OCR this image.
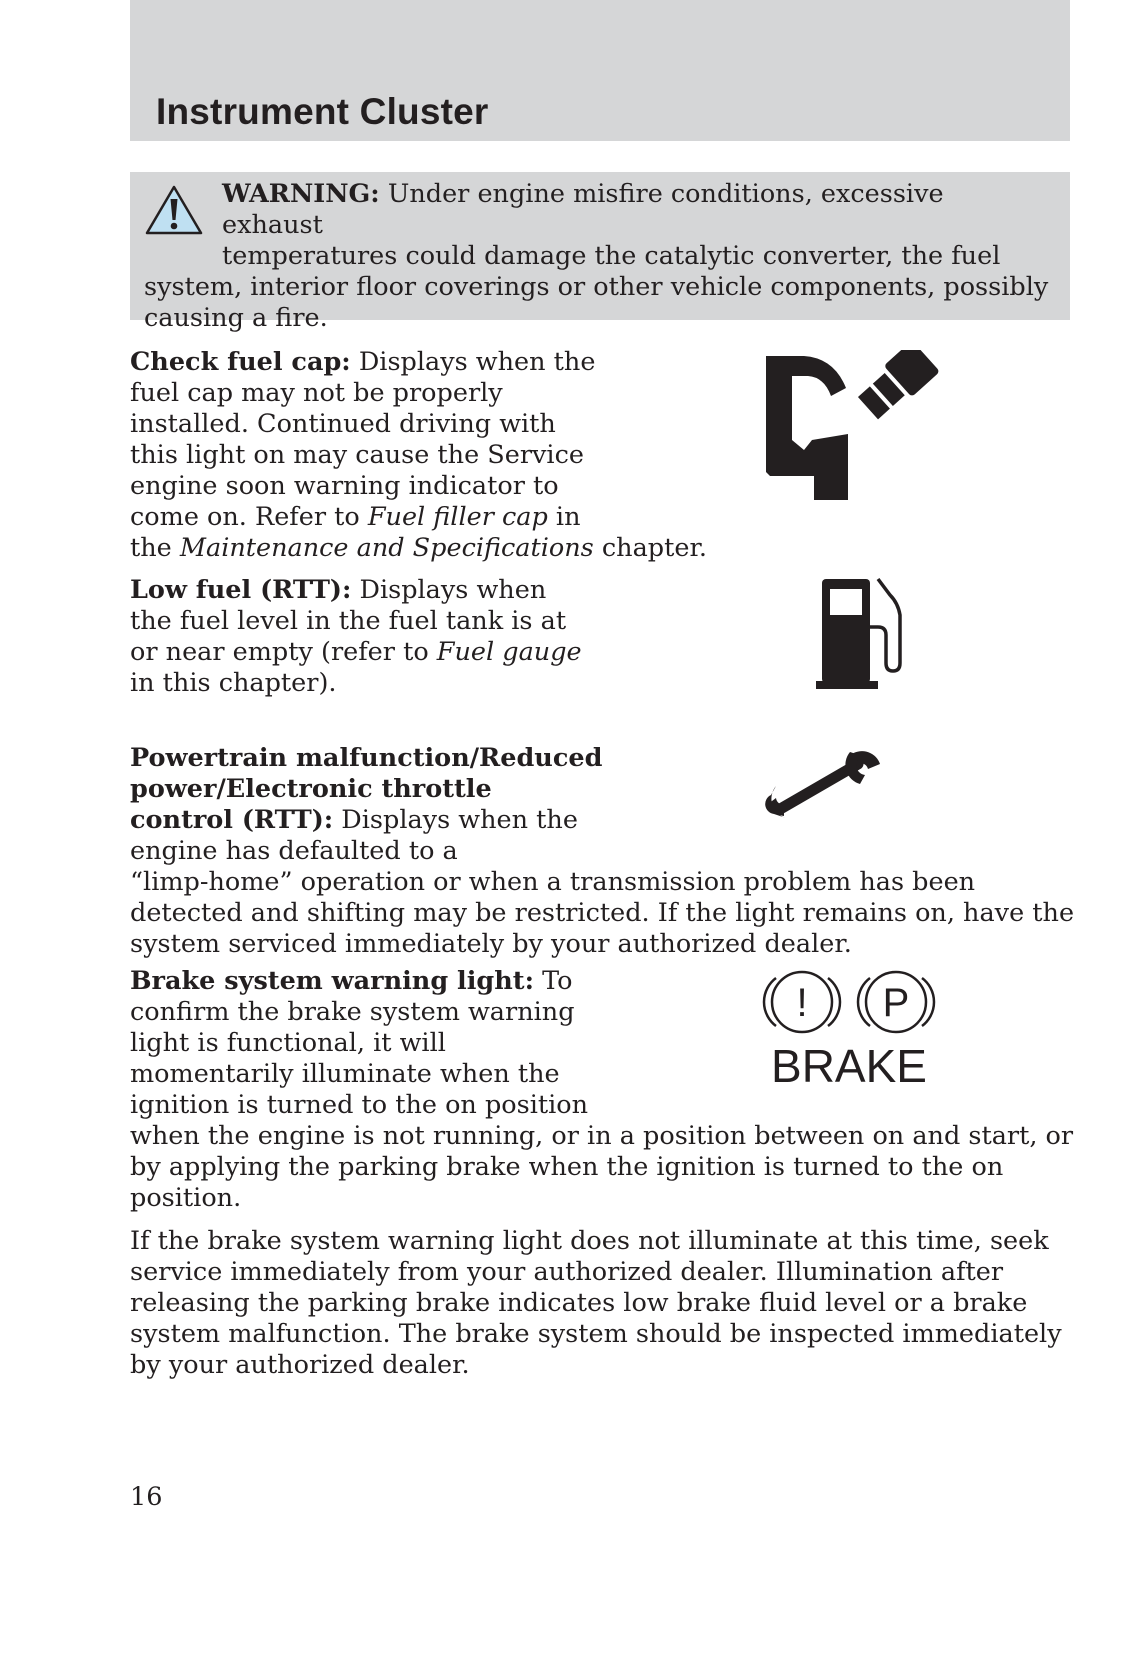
Instrument Cluster

WARNING: Under engine misfire conditions, excessive exhaust
temperatures could damage the catalytic converter, the fuel
system, interior floor coverings or other vehicle components, possibly
causing a fire.

Check fuel cap: Displays when the
fuel cap may not be properly
installed. Continued driving with
this light on may cause the Service
engine soon warning indicator to
come on. Refer to Fuel filler cap in
the Maintenance and Specifications chapter.

Low fuel (RTT): Displays when
the fuel level in the fuel tank is at
or near empty (refer to Fuel gauge
in this chapter).

Powertrain malfunction/Reduced
power/Electronic throttle
control (RTT): Displays when the
engine has defaulted to a
“limp-home” operation or when a transmission problem has been
detected and shifting may be restricted. If the light remains on, have the
system serviced immediately by your authorized dealer.

Brake system warning light: To
confirm the brake system warning
light is functional, it will
momentarily illuminate when the
ignition is turned to the on position
when the engine is not running, or in a position between on and start, or
by applying the parking brake when the ignition is turned to the on
position.

! P
BRAKE

If the brake system warning light does not illuminate at this time, seek
service immediately from your authorized dealer. Illumination after
releasing the parking brake indicates low brake fluid level or a brake
system malfunction. The brake system should be inspected immediately
by your authorized dealer.

16
